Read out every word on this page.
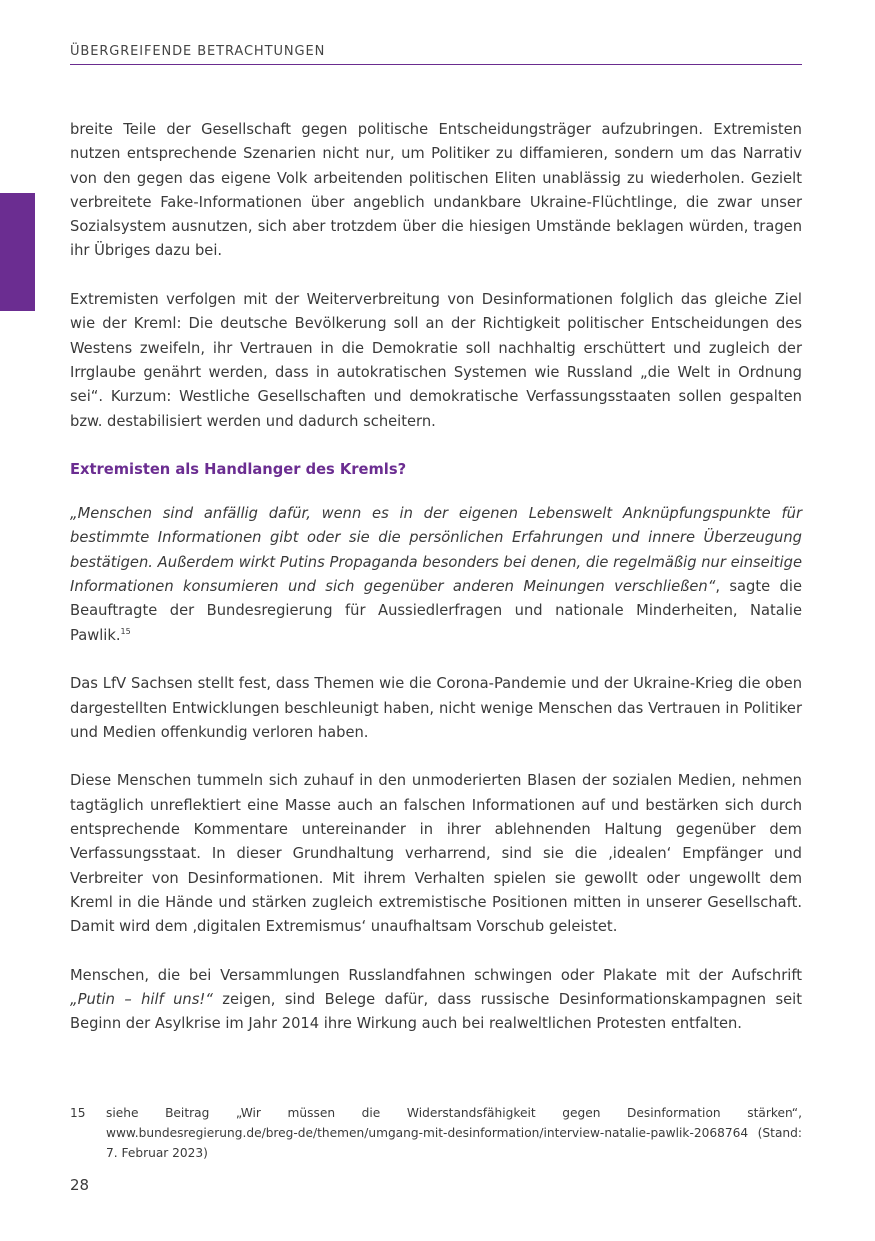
ÜBERGREIFENDE BETRACHTUNGEN

breite Teile der Gesellschaft gegen politische Entscheidungsträger aufzubringen. Extremisten nutzen entsprechende Szenarien nicht nur, um Politiker zu diffamieren, sondern um das Narrativ von den gegen das eigene Volk arbeitenden politischen Eliten unablässig zu wiederholen. Gezielt verbreitete Fake-Informationen über angeblich undankbare Ukraine-Flüchtlinge, die zwar unser Sozialsystem ausnutzen, sich aber trotzdem über die hiesigen Umstände beklagen würden, tragen ihr Übriges dazu bei.

Extremisten verfolgen mit der Weiterverbreitung von Desinformationen folglich das gleiche Ziel wie der Kreml: Die deutsche Bevölkerung soll an der Richtigkeit politischer Entscheidungen des Westens zweifeln, ihr Vertrauen in die Demokratie soll nachhaltig erschüttert und zugleich der Irrglaube genährt werden, dass in autokratischen Systemen wie Russland „die Welt in Ordnung sei“. Kurzum: Westliche Gesellschaften und demokratische Verfassungsstaaten sollen gespalten bzw. destabilisiert werden und dadurch scheitern.

Extremisten als Handlanger des Kremls?

„Menschen sind anfällig dafür, wenn es in der eigenen Lebenswelt Anknüpfungspunkte für bestimmte Informationen gibt oder sie die persönlichen Erfahrungen und innere Überzeugung bestätigen. Außerdem wirkt Putins Propaganda besonders bei denen, die regelmäßig nur einseitige Informationen konsumieren und sich gegenüber anderen Meinungen verschließen“, sagte die Beauftragte der Bundesregierung für Aussiedlerfragen und nationale Minderheiten, Natalie Pawlik.$^{15}$

Das LfV Sachsen stellt fest, dass Themen wie die Corona-Pandemie und der Ukraine-Krieg die oben dargestellten Entwicklungen beschleunigt haben, nicht wenige Menschen das Vertrauen in Politiker und Medien offenkundig verloren haben.

Diese Menschen tummeln sich zuhauf in den unmoderierten Blasen der sozialen Medien, nehmen tagtäglich unreflektiert eine Masse auch an falschen Informationen auf und bestärken sich durch entsprechende Kommentare untereinander in ihrer ablehnenden Haltung gegenüber dem Verfassungsstaat. In dieser Grundhaltung verharrend, sind sie die ‚idealen‘ Empfänger und Verbreiter von Desinformationen. Mit ihrem Verhalten spielen sie gewollt oder ungewollt dem Kreml in die Hände und stärken zugleich extremistische Positionen mitten in unserer Gesellschaft. Damit wird dem ‚digitalen Extremismus‘ unaufhaltsam Vorschub geleistet.

Menschen, die bei Versammlungen Russlandfahnen schwingen oder Plakate mit der Aufschrift „Putin – hilf uns!“ zeigen, sind Belege dafür, dass russische Desinformationskampagnen seit Beginn der Asylkrise im Jahr 2014 ihre Wirkung auch bei realweltlichen Protesten entfalten.

15	siehe Beitrag „Wir müssen die Widerstandsfähigkeit gegen Desinformation stärken“, www.bundesregierung.de/breg-de/themen/umgang-mit-desinformation/interview-natalie-pawlik-2068764 (Stand: 7. Februar 2023)
28
